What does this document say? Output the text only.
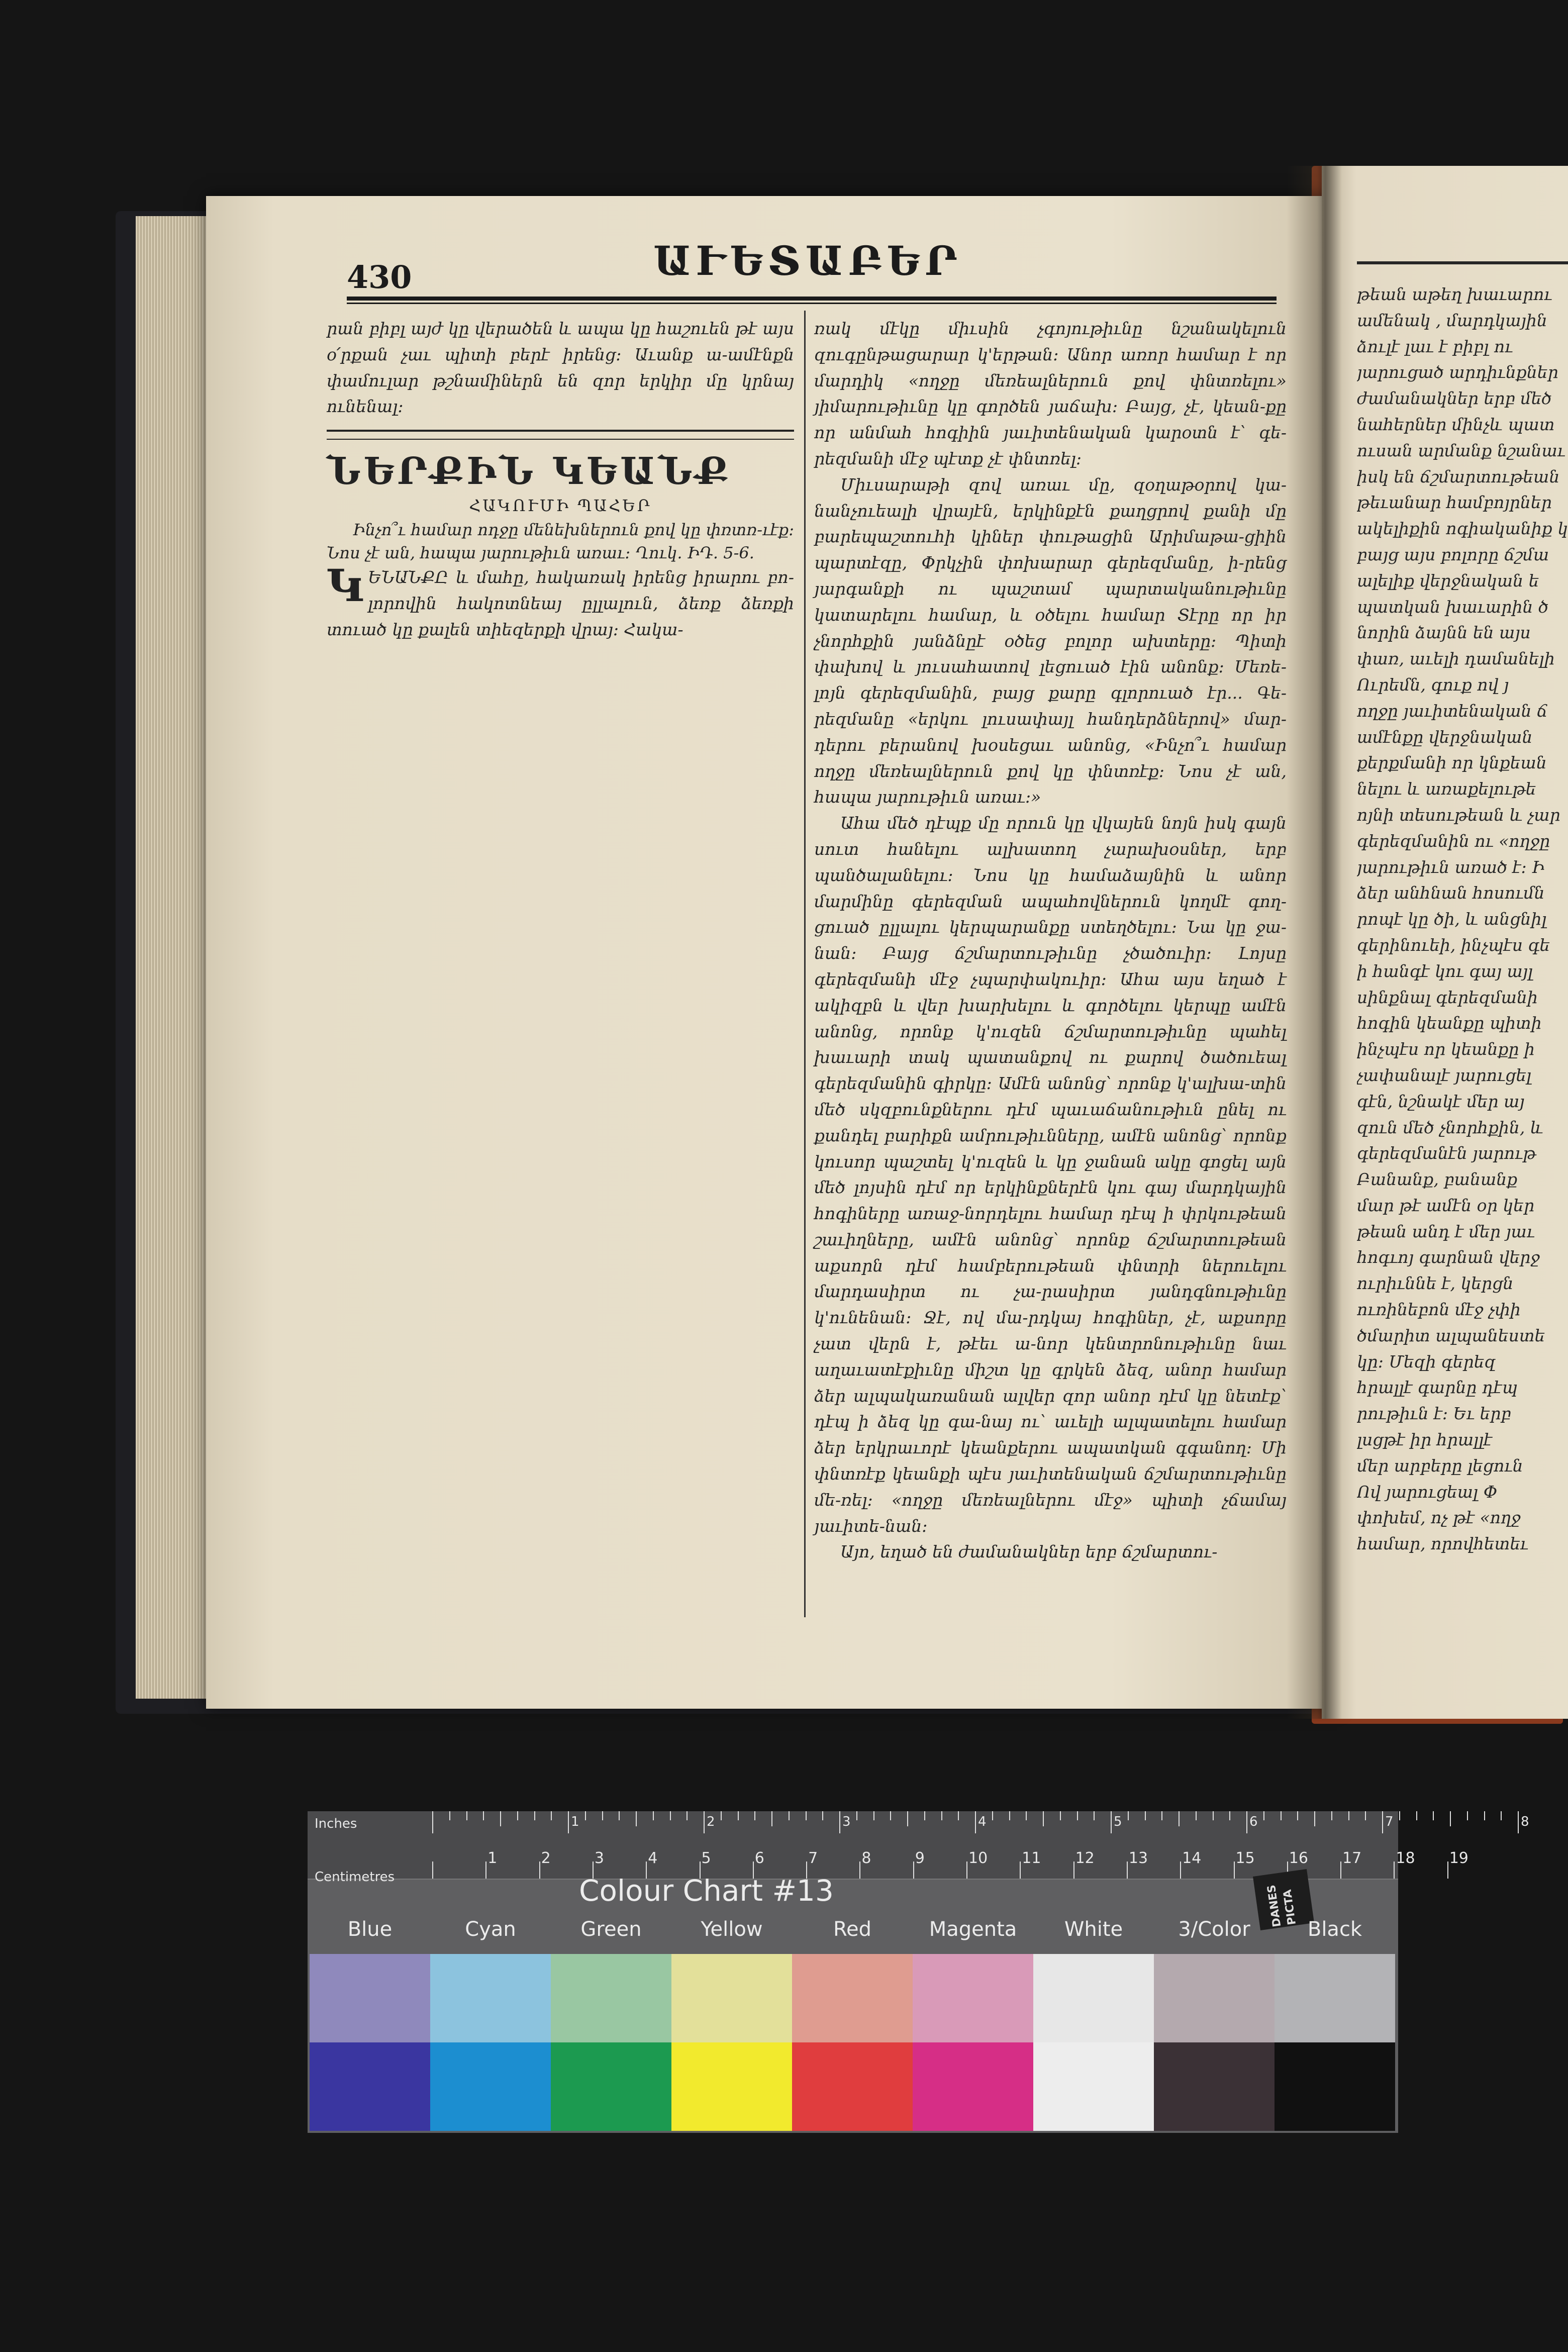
430	ԱՒԵՏԱԲԵՐ

րան բիբլ այժ կը վերածեն և ապա կը հաշուեն թէ այս օ՛րքան չաւ պիտի բերէ իրենց: Աւանք ա-ամէնքն փամուլար թշնամիներն են զոր երկիր մը կրնայ ունենալ:

ՆԵՐՔԻՆ ԿԵԱՆՔ
ՀԱԿՈՒՄԻ ՊԱՀԵՐ

Ինչո՞ւ համար ոդջը մենեխներուն քով կը փռտռ-ւէք: Նոս չէ ան, հապա յարութիւն առաւ: Ղուկ. ԻԴ. 5-6.

ԿԵՆԱՆՔԸ և մահը, հակառակ իրենց իրարու բո-լորովին հակոտնեայ ըլլալուն, ձեռք ձեռքի տուած կը քալեն տիեզերքի վրայ: Հակա-

ռակ մէկը միւսին չգոյութիւնը նշանակելուն զուգընթացարար կ'երթան: Անոր առոր համար է որ մարդիկ «ողջը մեռեալներուն քով փնտռելու» յիմարութիւնը կը գործեն յաճախ: Բայց, չէ, կեան-քը որ անմահ հոգիին յաւիտենական կարօտն է՝ գե-րեզմանի մէջ պէտք չէ փնտռել:

Միւսարաթի զով առաւ մը, զօղաթօրով կա-նանչուեալի վրայէն, երկինքէն քաղցրով քանի մը բարեպաշտուհի կիներ փութացին Արիմաթա-ցիին պարտէզը, Փրկչին փոխարար գերեզմանը, ի-րենց յարգանքի ու պաշտամ պարտականութիւնը կատարելու համար, և օծելու համար Տէրը որ իր չնորհքին յանձնըէ օծեց բոլոր ախտերը: Պիտի փախով և յուսահատով լեցուած էին անոնք: Մեռե-լոյն գերեզմանին, բայց քարը գլորուած էր... Գե-րեզմանը «երկու լուսափայլ հանդերձներով» մար-դերու բերանով խօսեցաւ անոնց, «Ինչո՞ւ համար ողջը մեռեալներուն քով կը փնտռէք: Նոս չէ ան, հապա յարութիւն առաւ:»

Ահա մեծ դէպք մը որուն կը վկայեն նոյն իսկ գայն սուտ հանելու ալխատող չարախօսներ, երբ պանծալանելու: Նոս կը համաձայնին և անոր մարմինը գերեզման ապահովներուն կողմէ գող-ցուած ըլլալու կերպարանքը ստեղծելու: Նա կը ջա-նան: Բայց ճշմարտութիւնը չծածուիր: Լոյսը գերեզմանի մէջ չպարփակուիր: Ահա այս եղած է ակիզբն և վեր խարխելու և գործելու կերպը ամէն անոնց, որոնք կ'ուզեն ճշմարտութիւնը պահել խաւարի տակ պատանքով ու քարով ծածուեալ գերեզմանին գիրկը: Ամէն անոնց՝ որոնք կ'ալխա-տին մեծ սկզբունքներու դէմ պաւաճանութիւն ընել ու քանդել բարիքն ամրութիւնները, ամէն անոնց՝ որոնք կուսոր պաշտել կ'ուզեն և կը ջանան ակը գոցել այն մեծ լոյսին դէմ որ երկինքներէն կու գայ մարդկային հոգիները առաջ-նորդելու համար դէպ ի փրկութեան շաւիղները, ամէն անոնց՝ որոնք ճշմարտութեան աքսորն դէմ համբերութեան փնտրի ներուելու մարդասիրտ ու չա-րասիրտ յանդգնութիւնը կ'ունենան: Ջէ, ով մա-րդկայ հոգիներ, չէ, աքսորը չատ վերն է, թէեւ ա-նոր կենտրոնութիւնը նաւ աղաւատէքիւնը միշտ կը գրկեն ձեզ, անոր համար ձեր ալպակառանան ալվեր զոր անոր դէմ կը նետէք՝ դէպ ի ձեզ կը գա-նայ ու՝ աւելի ալպատելու համար ձեր երկրաւորէ կեանքերու ապատկան գգանող: Մի փնտռէք կեանքի պէս յաւիտենական ճշմարտութիւնը մե-ռել: «ողջը մեռեալներու մէջ» պիտի չճամայ յաւիտե-նան:

Այո, եղած են ժամանակներ երբ ճշմարտու-

թեան աթեղ խաւարու
ամենակ , մարդկային
ձուլէ լաւ է բիբլ ու
յարուցած արդիւնքներ
ժամանակներ երբ մեծ
նահերներ մինչև պատ
ուսան արմանք նշանաւ
իսկ են ճշմարտութեան
թեւանար համբոյրներ
ակելիքին ոգիականիք կ
բայց այս բոլորը ճշմա
ալելիք վերջնական ե
պատկան խաւարին ծ
նորին ձայնն են այս
փառ, աւելի դամանելի
Ուրեմն, գուք ով յ
ողջը յաւիտենական ճ
ամէնքը վերջնական
քերքմանի որ կնքեան
նելու և առաքելութե
ոյնի տեսութեան և չար
գերեզմանին ու «ողջը
յարութիւն առած է: Ի
ձեր անհնան հոսումն
րոպէ կը ծի, և անցնիլ
գերինուեի, ինչպէս գե
ի հանգէ կու գայ այլ
սինքնալ գերեզմանի
հոգին կեանքը պիտի
ինչպէս որ կեանքը ի
չափանալէ յարուցել
գէն, նշնակէ մեր այ
զուն մեծ չնորհքին, և
գերեզմանէն յարութ
Բանանք, բանանք
մար թէ ամէն օր կեր
թեան անդ է մեր յաւ
հոգւոյ գարնան վերջ
ուրիւննե է, կերցն
ուռինեբոն մէջ չփի
ծմարիտ ալպանեստե
կը: Մեզի գերեզ
հրալլէ գարնը դէպ
րութիւն է: Եւ երբ
լսցթէ իր հրալլէ
մեր արբերը լեցուն
Ով յարուցեալ Փ
փոխեմ, ոչ թէ «ողջ
համար, որովհետեւ
Inches
Centimetres
1	2	3	4	5	6	7	8
1	2	3	4	5	6	7	8	9	10 11 12 13 14 15 16 17 18 19
Colour Chart #13	DANES PICTA
Blue	Cyan	Green	Yellow	Red	Magenta	White	3/Color	Black
